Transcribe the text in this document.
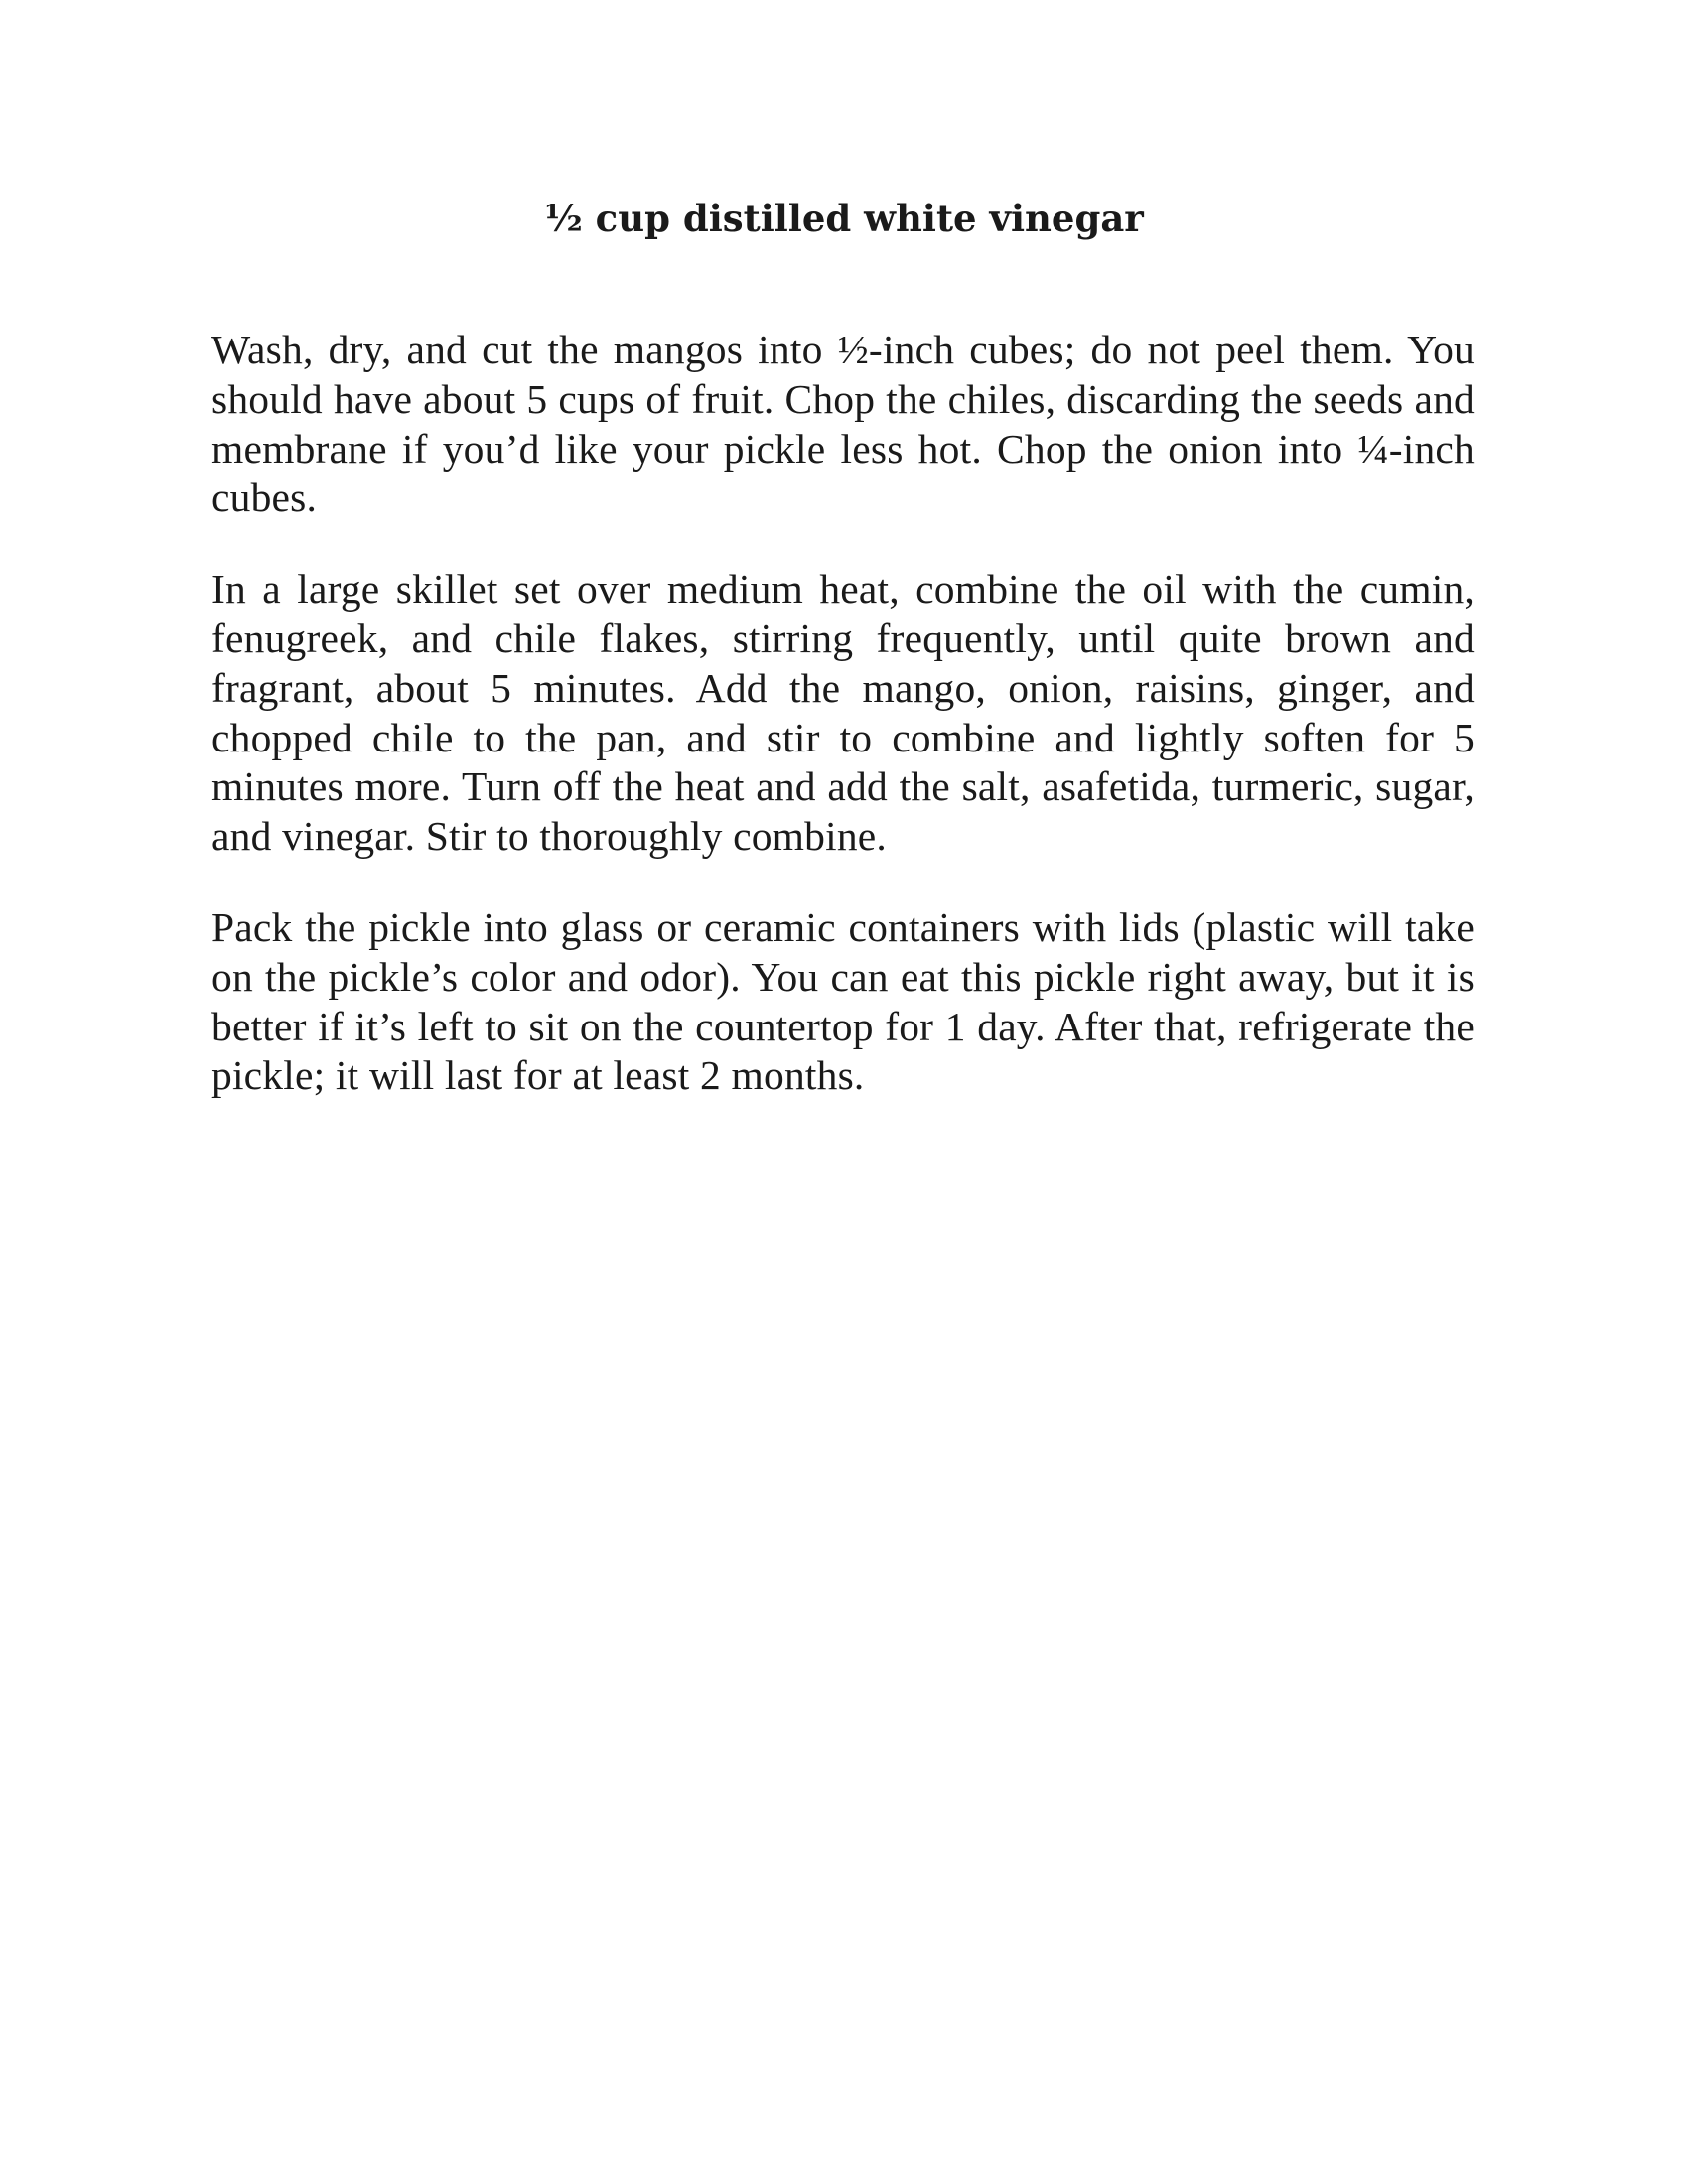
½ cup distilled white vinegar

Wash, dry, and cut the mangos into ½-inch cubes; do not peel them. You should have about 5 cups of fruit. Chop the chiles, discarding the seeds and membrane if you’d like your pickle less hot. Chop the onion into ¼-inch cubes.

In a large skillet set over medium heat, combine the oil with the cumin, fenugreek, and chile flakes, stirring frequently, until quite brown and fragrant, about 5 minutes. Add the mango, onion, raisins, ginger, and chopped chile to the pan, and stir to combine and lightly soften for 5 minutes more. Turn off the heat and add the salt, asafetida, turmeric, sugar, and vinegar. Stir to thoroughly combine.

Pack the pickle into glass or ceramic containers with lids (plastic will take on the pickle’s color and odor). You can eat this pickle right away, but it is better if it’s left to sit on the countertop for 1 day. After that, refrigerate the pickle; it will last for at least 2 months.
